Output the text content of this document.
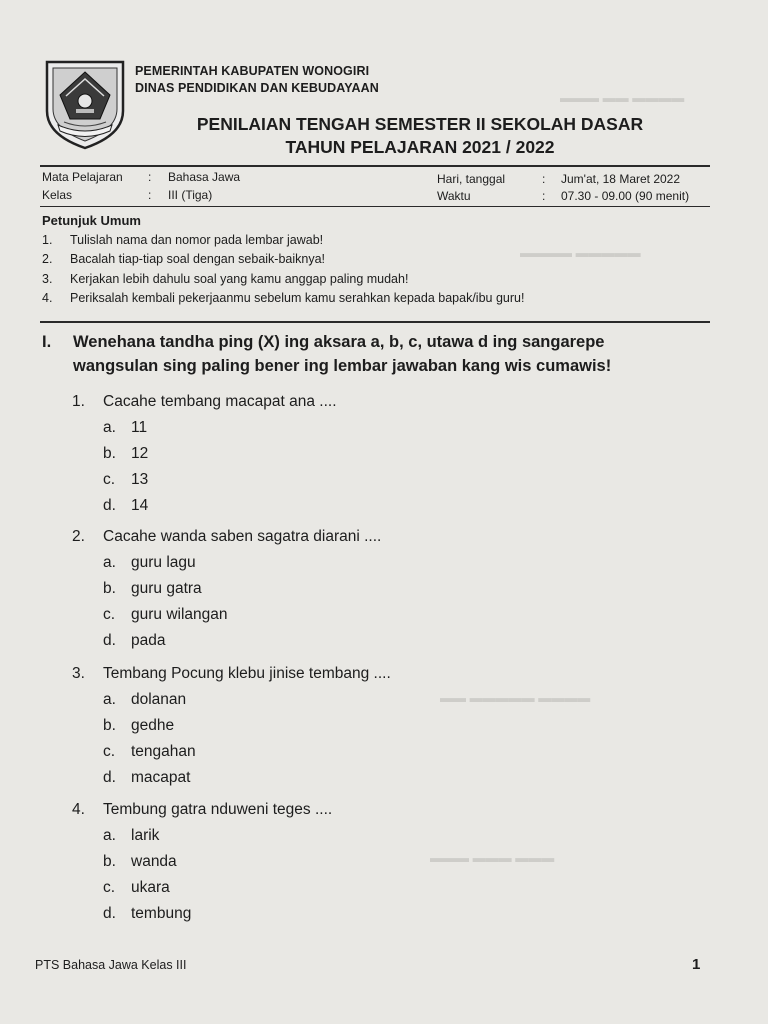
▬▬▬▬ ▬▬ ▬▬▬
▬▬▬▬▬ ▬▬▬▬
▬▬▬▬ ▬▬▬▬▬ ▬▬
▬▬▬ ▬▬▬ ▬▬▬
PEMERINTAH KABUPATEN WONOGIRI
DINAS PENDIDIKAN DAN KEBUDAYAAN
PENILAIAN TENGAH SEMESTER II SEKOLAH DASAR
TAHUN PELAJARAN 2021 / 2022
Mata Pelajaran : Bahasa Jawa
Kelas	: III (Tiga)
Hari, tanggal	: Jum'at, 18 Maret 2022
Waktu	: 07.30 - 09.00 (90 menit)
Petunjuk Umum
1. Tulislah nama dan nomor pada lembar jawab!
2. Bacalah tiap-tiap soal dengan sebaik-baiknya!
3. Kerjakan lebih dahulu soal yang kamu anggap paling mudah!
4. Periksalah kembali pekerjaanmu sebelum kamu serahkan kepada bapak/ibu guru!
I. Wenehana tandha ping (X) ing aksara a, b, c, utawa d ing sangarepe
wangsulan sing paling bener ing lembar jawaban kang wis cumawis!
1. Cacahe tembang macapat ana ....
a. 11
b. 12
c. 13
d. 14
2. Cacahe wanda saben sagatra diarani ....
a. guru lagu
b. guru gatra
c. guru wilangan
d. pada
3. Tembang Pocung klebu jinise tembang ....
a. dolanan
b. gedhe
c. tengahan
d. macapat
4. Tembung gatra nduweni teges ....
a. larik
b. wanda
c. ukara
d. tembung
PTS Bahasa Jawa Kelas III	1
